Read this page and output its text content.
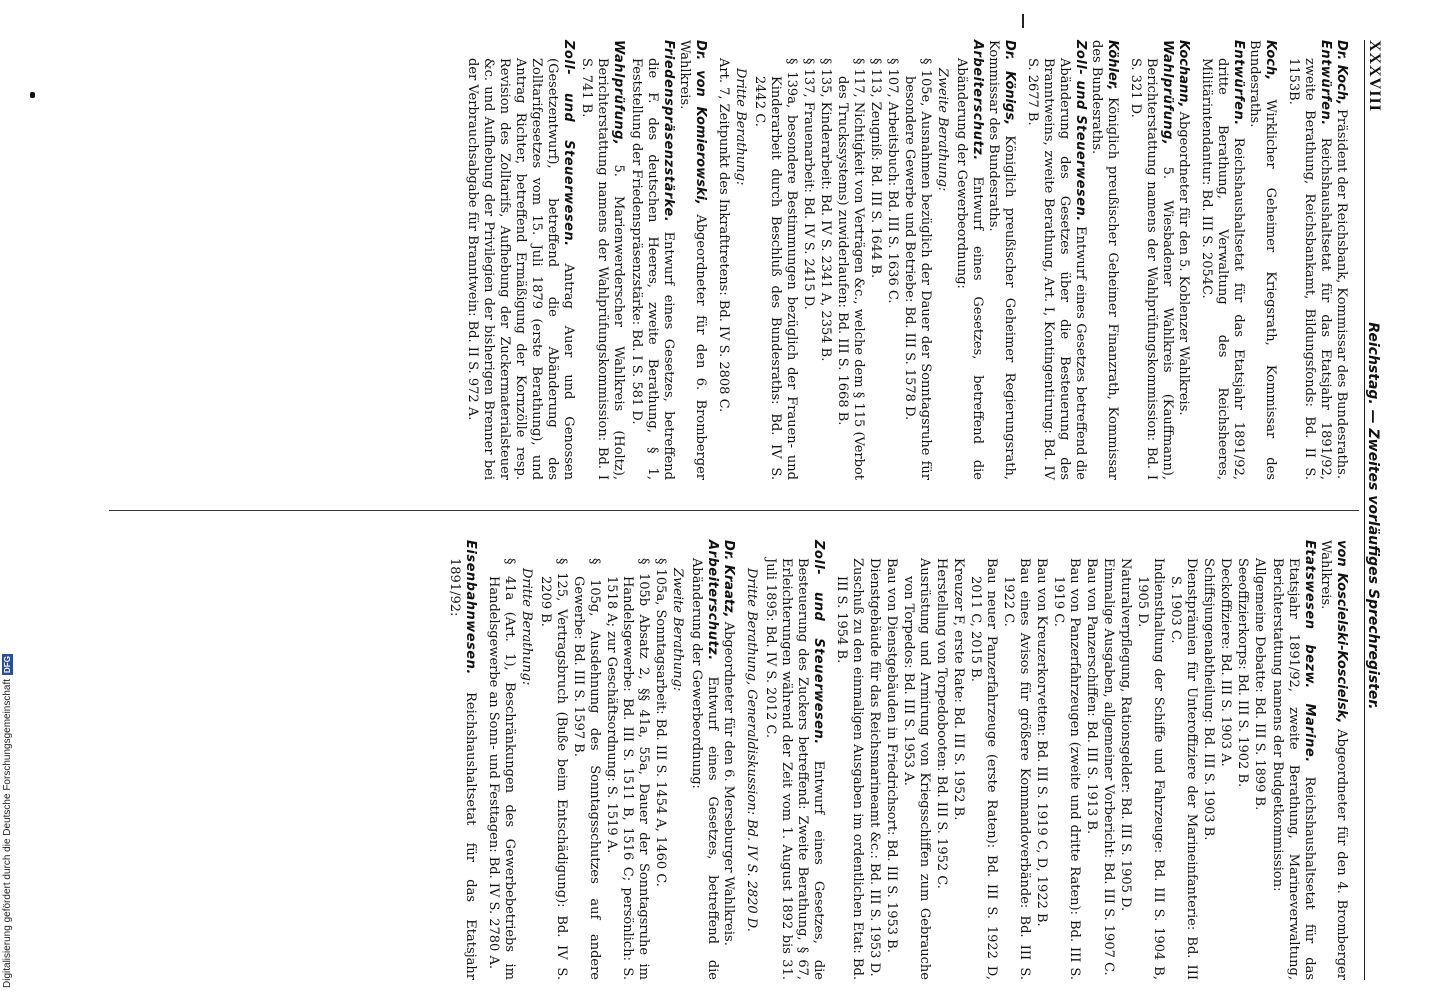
XXXVIII
Reichstag. — Zweites vorläufiges Sprechregister.
Dr. Koch, Präsident der Reichsbank, Kommissar des Bundesraths.
Entwürfen. Reichshaushaltsetat für das Etatsjahr 1891/92, zweite Berathung, Reichsbankamt, Bildungsfonds: Bd. II S. 1153B.
Koch, Wirklicher Geheimer Kriegsrath, Kommissar des Bundesraths.
Entwürfen. Reichshaushaltsetat für das Etatsjahr 1891/92, dritte Berathung, Verwaltung des Reichsheeres, Militärintendantur: Bd. III S. 2054C.
Kochann, Abgeordneter für den 5. Koblenzer Wahlkreis.
Wahlprüfung, 5. Wiesbadener Wahlkreis (Kauffmann), Berichterstattung namens der Wahlprüfungskommission: Bd. I S. 321 D.
Köhler, Königlich preußischer Geheimer Finanzrath, Kommissar des Bundesraths.
Zoll- und Steuerwesen. Entwurf eines Gesetzes betreffend die Abänderung des Gesetzes über die Besteuerung des Branntweins, zweite Berathung, Art. I, Kontingentirung: Bd. IV S. 2677 B.
Dr. Königs, Königlich preußischer Geheimer Regierungsrath, Kommissar des Bundesraths.
Arbeiterschutz. Entwurf eines Gesetzes, betreffend die Abänderung der Gewerbeordnung:
Zweite Berathung:
§ 105e, Ausnahmen bezüglich der Dauer der Sonntagsruhe für besondere Gewerbe und Betriebe: Bd. III S. 1578 D.
§ 107, Arbeitsbuch: Bd. III S. 1636 C.
§ 113, Zeugniß: Bd. III S. 1644 B.
§ 117, Nichtigkeit von Verträgen &c., welche dem § 115 (Verbot des Truckssystems) zuwiderlaufen: Bd. III S. 1668 B.
§ 135, Kinderarbeit: Bd. IV S. 2341 A, 2354 B.
§ 137, Frauenarbeit: Bd. IV S. 2415 D.
§ 139a, besondere Bestimmungen bezüglich der Frauen- und Kinderarbeit durch Beschluß des Bundesraths: Bd. IV S. 2442 C.
Dritte Berathung:
Art. 7, Zeitpunkt des Inkrafttretens: Bd. IV S. 2808 C.
Dr. von Komierowski, Abgeordneter für den 6. Bromberger Wahlkreis.
Friedenspräsenzstärke. Entwurf eines Gesetzes, betreffend die F. des deutschen Heeres, zweite Berathung, § 1, Feststellung der Friedenspräsenzstärke: Bd. I S. 581 D.
Wahlprüfung, 5. Marienwerderscher Wahlkreis (Holtz), Berichterstattung namens der Wahlprüfungskommission: Bd. I S. 741 B.
Zoll- und Steuerwesen. Antrag Auer und Genossen (Gesetzentwurf), betreffend die Abänderung des Zolltarifgesetzes vom 15. Juli 1879 (erste Berathung), und Antrag Richter, betreffend Ermäßigung der Kornzölle resp. Revision des Zolltarifs, Aufhebung der Zuckermaterialsteuer &c. und Aufhebung der Privilegien der bisherigen Brenner bei der Verbrauchsabgabe für Branntwein: Bd. II S. 972 A.
von Koscielski-Koscielsk, Abgeordneter für den 4. Bromberger Wahlkreis.
Etatswesen bezw. Marine. Reichshaushaltsetat für das Etatsjahr 1891/92, zweite Berathung, Marineverwaltung, Berichterstattung namens der Budgetkommission:
Allgemeine Debatte: Bd. III S. 1899 B.
Seeoffizierkorps: Bd. III S. 1902 B.
Deckoffiziere: Bd. III S. 1903 A.
Schiffsjungenabtheilung: Bd. III S. 1903 B.
Dienstprämien für Unteroffiziere der Marineinfanterie: Bd. III S. 1903 C.
Indiensthaltung der Schiffe und Fahrzeuge: Bd. III S. 1904 B, 1905 D.
Naturalverpflegung, Rationsgelder: Bd. III S. 1905 D.
Einmalige Ausgaben, allgemeiner Vorbericht: Bd. III S. 1907 C.
Bau von Panzerschiffen: Bd. III S. 1913 B.
Bau von Panzerfahrzeugen (zweite und dritte Raten): Bd. III S. 1919 C.
Bau von Kreuzerkorvetten: Bd. III S. 1919 C, D, 1922 B.
Bau eines Avisos für größere Kommandoverbände: Bd. III S. 1922 C.
Bau neuer Panzerfahrzeuge (erste Raten): Bd. III S. 1922 D, 2011 C, 2015 B.
Kreuzer F, erste Rate: Bd. III S. 1952 B.
Herstellung von Torpedobooten: Bd. III S. 1952 C.
Ausrüstung und Armirung von Kriegsschiffen zum Gebrauche von Torpedos: Bd. III S. 1953 A.
Bau von Dienstgebäuden in Friedrichsort: Bd. III S. 1953 B.
Dienstgebäude für das Reichsmarineamt &c.: Bd. III S. 1953 D.
Zuschuß zu den einmaligen Ausgaben im ordentlichen Etat: Bd. III S. 1954 B.
Zoll- und Steuerwesen. Entwurf eines Gesetzes, die Besteuerung des Zuckers betreffend: Zweite Berathung, § 67, Erleichterungen während der Zeit vom 1. August 1892 bis 31. Juli 1895: Bd. IV S. 2012 C.
Dritte Berathung, Generaldiskussion: Bd. IV S. 2820 D.
Dr. Kraatz, Abgeordneter für den 6. Merseburger Wahlkreis.
Arbeiterschutz. Entwurf eines Gesetzes, betreffend die Abänderung der Gewerbeordnung:
Zweite Berathung:
§ 105a, Sonntagsarbeit: Bd. III S. 1454 A, 1460 C.
§ 105b Absatz 2, §§ 41a, 55a, Dauer der Sonntagsruhe im Handelsgewerbe: Bd. III S. 1511 B, 1516 C; persönlich: S. 1518 A; zur Geschäftsordnung: S. 1519 A.
§ 105g, Ausdehnung des Sonntagsschutzes auf andere Gewerbe: Bd. III S. 1597 B.
§ 125, Vertragsbruch (Buße beim Entschädigung): Bd. IV S. 2209 B.
Dritte Berathung:
§ 41a (Art. 1), Beschränkungen des Gewerbebetriebs im Handelsgewerbe an Sonn- und Festtagen: Bd. IV S. 2780 A.
Eisenbahnwesen. Reichshaushaltsetat für das Etatsjahr 1891/92:
Digitalisierung gefördert durch die Deutsche Forschungsgemeinschaft
DFG
